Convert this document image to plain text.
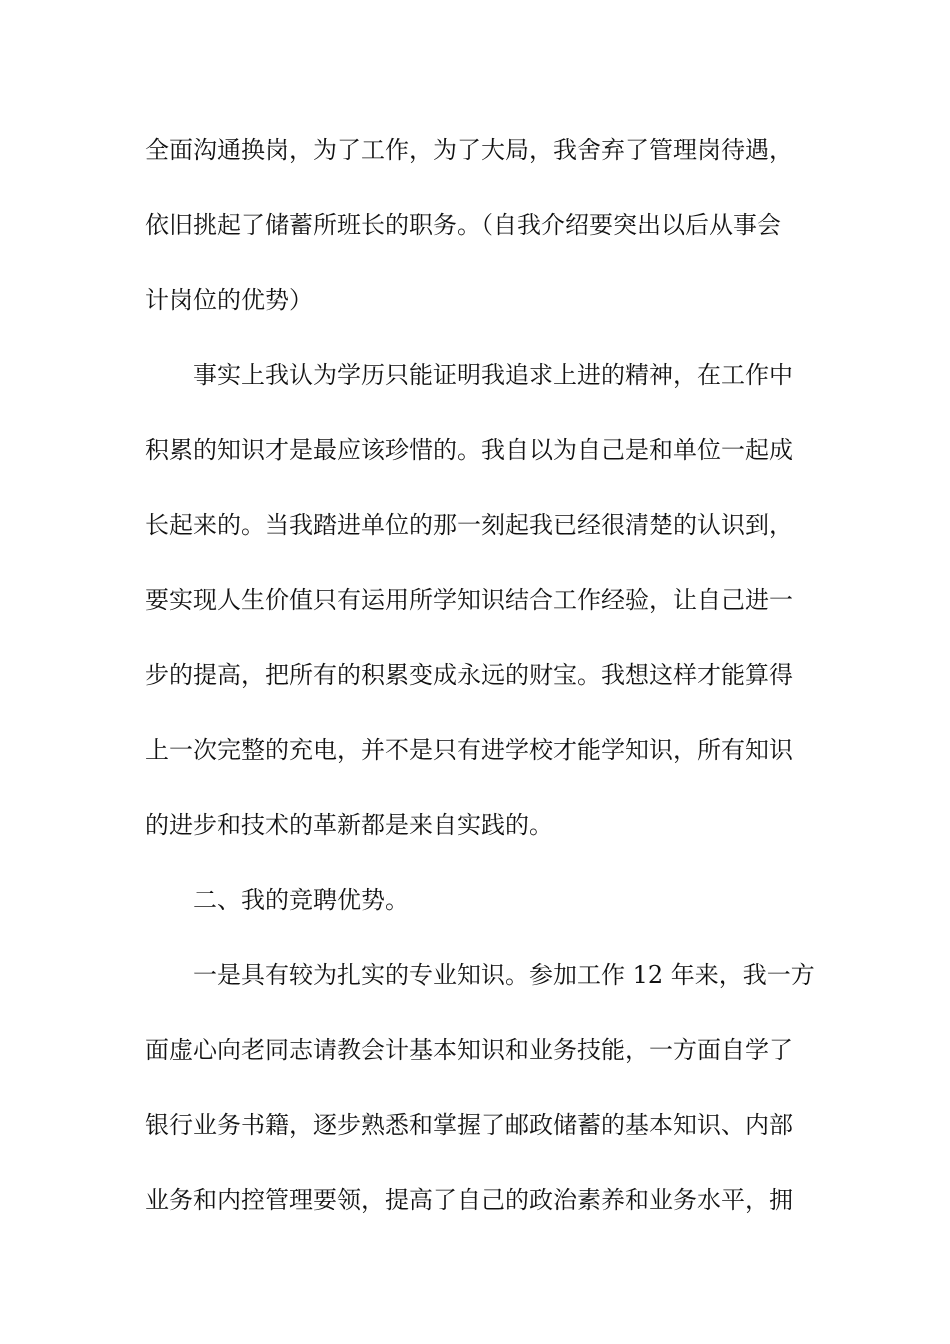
全面沟通换岗，为了工作，为了大局，我舍弃了管理岗待遇，
依旧挑起了储蓄所班长的职务。（自我介绍要突出以后从事会
计岗位的优势）
事实上我认为学历只能证明我追求上进的精神，在工作中
积累的知识才是最应该珍惜的。我自以为自己是和单位一起成
长起来的。当我踏进单位的那一刻起我已经很清楚的认识到，
要实现人生价值只有运用所学知识结合工作经验，让自己进一
步的提高，把所有的积累变成永远的财宝。我想这样才能算得
上一次完整的充电，并不是只有进学校才能学知识，所有知识
的进步和技术的革新都是来自实践的。
二、我的竞聘优势。
一是具有较为扎实的专业知识。参加工作 12 年来，我一方
面虚心向老同志请教会计基本知识和业务技能，一方面自学了
银行业务书籍，逐步熟悉和掌握了邮政储蓄的基本知识、内部
业务和内控管理要领，提高了自己的政治素养和业务水平，拥
